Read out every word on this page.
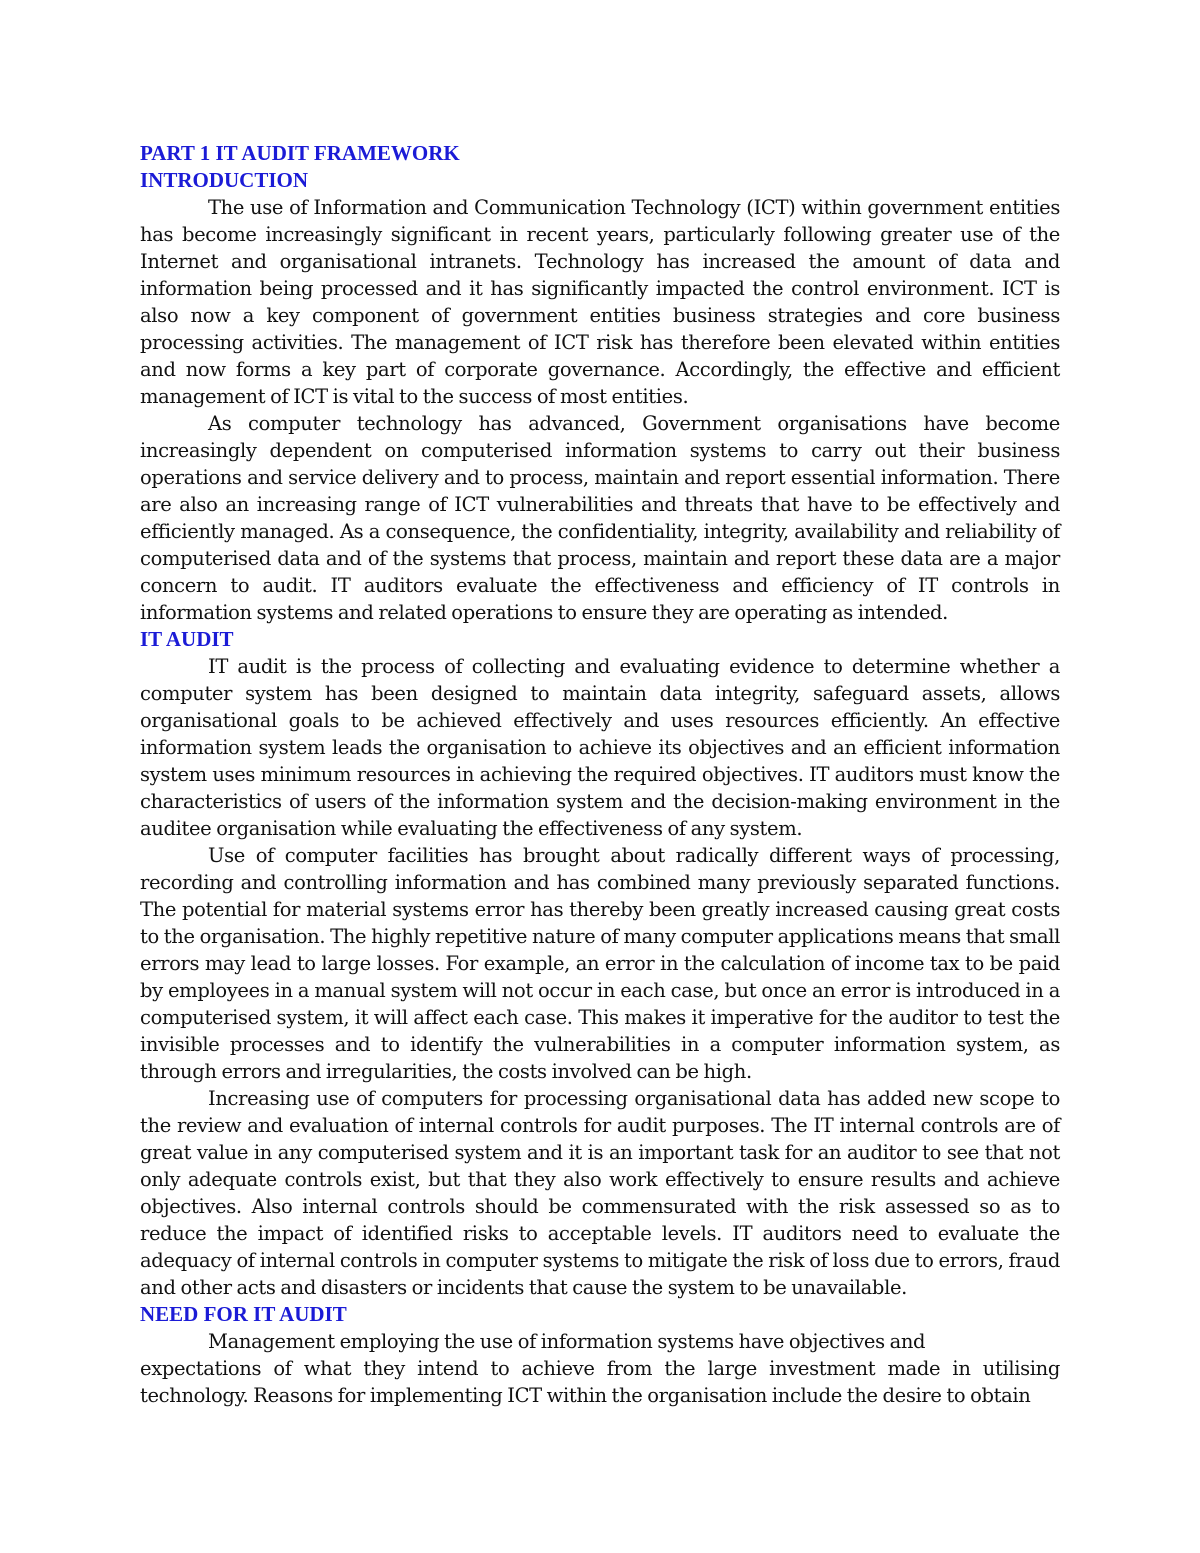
PART 1 IT AUDIT FRAMEWORK
INTRODUCTION

The use of Information and Communication Technology (ICT) within government entities has become increasingly significant in recent years, particularly following greater use of the Internet and organisational intranets. Technology has increased the amount of data and information being processed and it has significantly impacted the control environment. ICT is also now a key component of government entities business strategies and core business processing activities. The management of ICT risk has therefore been elevated within entities and now forms a key part of corporate governance. Accordingly, the effective and efficient management of ICT is vital to the success of most entities.

As computer technology has advanced, Government organisations have become increasingly dependent on computerised information systems to carry out their business operations and service delivery and to process, maintain and report essential information. There are also an increasing range of ICT vulnerabilities and threats that have to be effectively and efficiently managed. As a consequence, the confidentiality, integrity, availability and reliability of computerised data and of the systems that process, maintain and report these data are a major concern to audit. IT auditors evaluate the effectiveness and efficiency of IT controls in information systems and related operations to ensure they are operating as intended.

IT AUDIT

IT audit is the process of collecting and evaluating evidence to determine whether a computer system has been designed to maintain data integrity, safeguard assets, allows organisational goals to be achieved effectively and uses resources efficiently. An effective information system leads the organisation to achieve its objectives and an efficient information system uses minimum resources in achieving the required objectives. IT auditors must know the characteristics of users of the information system and the decision-making environment in the auditee organisation while evaluating the effectiveness of any system.

Use of computer facilities has brought about radically different ways of processing, recording and controlling information and has combined many previously separated functions. The potential for material systems error has thereby been greatly increased causing great costs to the organisation. The highly repetitive nature of many computer applications means that small errors may lead to large losses. For example, an error in the calculation of income tax to be paid by employees in a manual system will not occur in each case, but once an error is introduced in a computerised system, it will affect each case. This makes it imperative for the auditor to test the invisible processes and to identify the vulnerabilities in a computer information system, as through errors and irregularities, the costs involved can be high.

Increasing use of computers for processing organisational data has added new scope to the review and evaluation of internal controls for audit purposes. The IT internal controls are of great value in any computerised system and it is an important task for an auditor to see that not only adequate controls exist, but that they also work effectively to ensure results and achieve objectives. Also internal controls should be commensurated with the risk assessed so as to reduce the impact of identified risks to acceptable levels. IT auditors need to evaluate the adequacy of internal controls in computer systems to mitigate the risk of loss due to errors, fraud and other acts and disasters or incidents that cause the system to be unavailable.

NEED FOR IT AUDIT

Management employing the use of information systems have objectives and

expectations of what they intend to achieve from the large investment made in utilising technology. Reasons for implementing ICT within the organisation include the desire to obtain
